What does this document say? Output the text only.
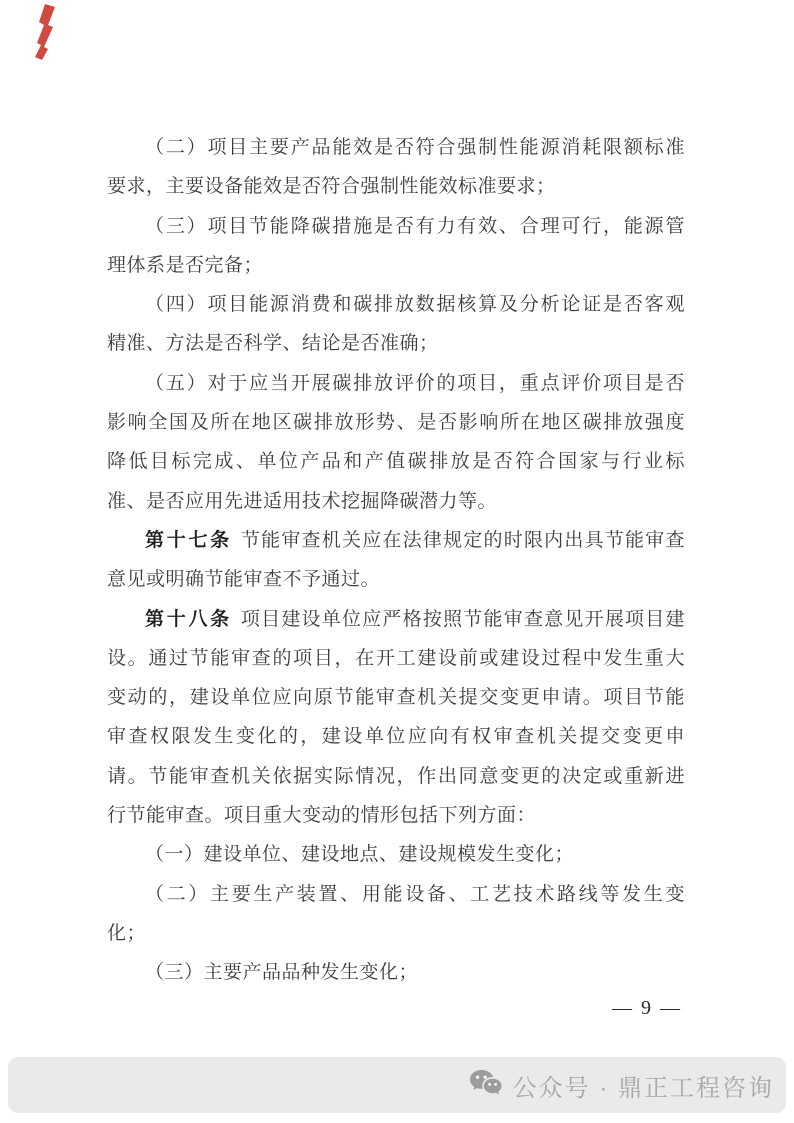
（二）项目主要产品能效是否符合强制性能源消耗限额标准
要求，主要设备能效是否符合强制性能效标准要求；
（三）项目节能降碳措施是否有力有效、合理可行，能源管
理体系是否完备；
（四）项目能源消费和碳排放数据核算及分析论证是否客观
精准、方法是否科学、结论是否准确；
（五）对于应当开展碳排放评价的项目，重点评价项目是否
影响全国及所在地区碳排放形势、是否影响所在地区碳排放强度
降低目标完成、单位产品和产值碳排放是否符合国家与行业标
准、是否应用先进适用技术挖掘降碳潜力等。
第十七条 节能审查机关应在法律规定的时限内出具节能审查
意见或明确节能审查不予通过。
第十八条 项目建设单位应严格按照节能审查意见开展项目建
设。通过节能审查的项目，在开工建设前或建设过程中发生重大
变动的，建设单位应向原节能审查机关提交变更申请。项目节能
审查权限发生变化的，建设单位应向有权审查机关提交变更申
请。节能审查机关依据实际情况，作出同意变更的决定或重新进
行节能审查。项目重大变动的情形包括下列方面：
（一）建设单位、建设地点、建设规模发生变化；
（二）主要生产装置、用能设备、工艺技术路线等发生变
化；
（三）主要产品品种发生变化；
— 9 —
公众号 · 鼎正工程咨询
